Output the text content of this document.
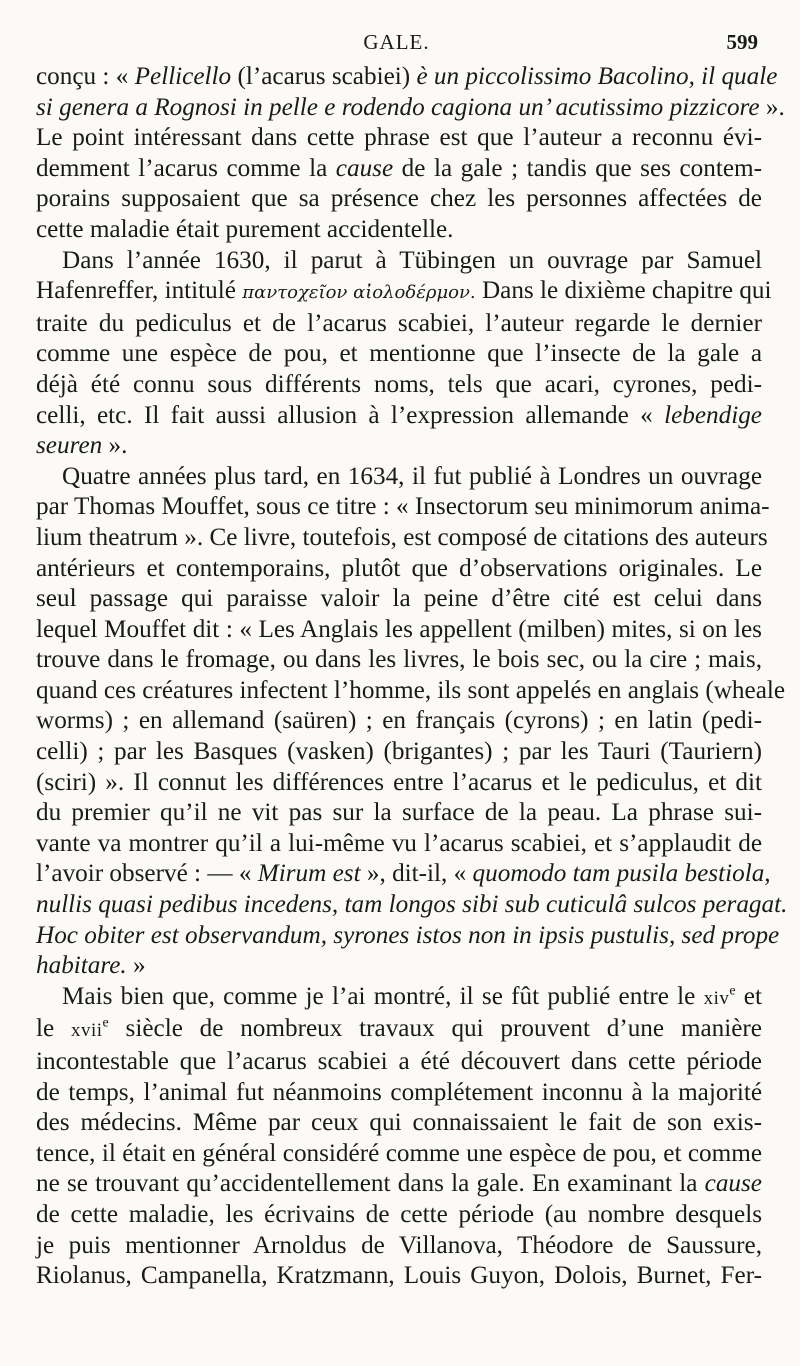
GALE.	599
conçu : « Pellicello (l’acarus scabiei) è un piccolissimo Bacolino, il quale
si genera a Rognosi in pelle e rodendo cagiona un’ acutissimo pizzicore ».
Le point intéressant dans cette phrase est que l’auteur a reconnu évi-
demment l’acarus comme la cause de la gale ; tandis que ses contem-
porains supposaient que sa présence chez les personnes affectées de
cette maladie était purement accidentelle.
Dans l’année 1630, il parut à Tübingen un ouvrage par Samuel
Hafenreffer, intitulé παντοχεῖον αἰολοδέρμον. Dans le dixième chapitre qui
traite du pediculus et de l’acarus scabiei, l’auteur regarde le dernier
comme une espèce de pou, et mentionne que l’insecte de la gale a
déjà été connu sous différents noms, tels que acari, cyrones, pedi-
celli, etc. Il fait aussi allusion à l’expression allemande « lebendige
seuren ».
Quatre années plus tard, en 1634, il fut publié à Londres un ouvrage
par Thomas Mouffet, sous ce titre : « Insectorum seu minimorum anima-
lium theatrum ». Ce livre, toutefois, est composé de citations des auteurs
antérieurs et contemporains, plutôt que d’observations originales. Le
seul passage qui paraisse valoir la peine d’être cité est celui dans
lequel Mouffet dit : « Les Anglais les appellent (milben) mites, si on les
trouve dans le fromage, ou dans les livres, le bois sec, ou la cire ; mais,
quand ces créatures infectent l’homme, ils sont appelés en anglais (wheale
worms) ; en allemand (saüren) ; en français (cyrons) ; en latin (pedi-
celli) ; par les Basques (vasken) (brigantes) ; par les Tauri (Tauriern)
(sciri) ». Il connut les différences entre l’acarus et le pediculus, et dit
du premier qu’il ne vit pas sur la surface de la peau. La phrase sui-
vante va montrer qu’il a lui-même vu l’acarus scabiei, et s’applaudit de
l’avoir observé : — « Mirum est », dit-il, « quomodo tam pusila bestiola,
nullis quasi pedibus incedens, tam longos sibi sub cuticulâ sulcos peragat.
Hoc obiter est observandum, syrones istos non in ipsis pustulis, sed prope
habitare. »
Mais bien que, comme je l’ai montré, il se fût publié entre le xiv$^e$ et
le xvii$^e$ siècle de nombreux travaux qui prouvent d’une manière
incontestable que l’acarus scabiei a été découvert dans cette période
de temps, l’animal fut néanmoins complétement inconnu à la majorité
des médecins. Même par ceux qui connaissaient le fait de son exis-
tence, il était en général considéré comme une espèce de pou, et comme
ne se trouvant qu’accidentellement dans la gale. En examinant la cause
de cette maladie, les écrivains de cette période (au nombre desquels
je puis mentionner Arnoldus de Villanova, Théodore de Saussure,
Riolanus, Campanella, Kratzmann, Louis Guyon, Dolois, Burnet, Fer-
